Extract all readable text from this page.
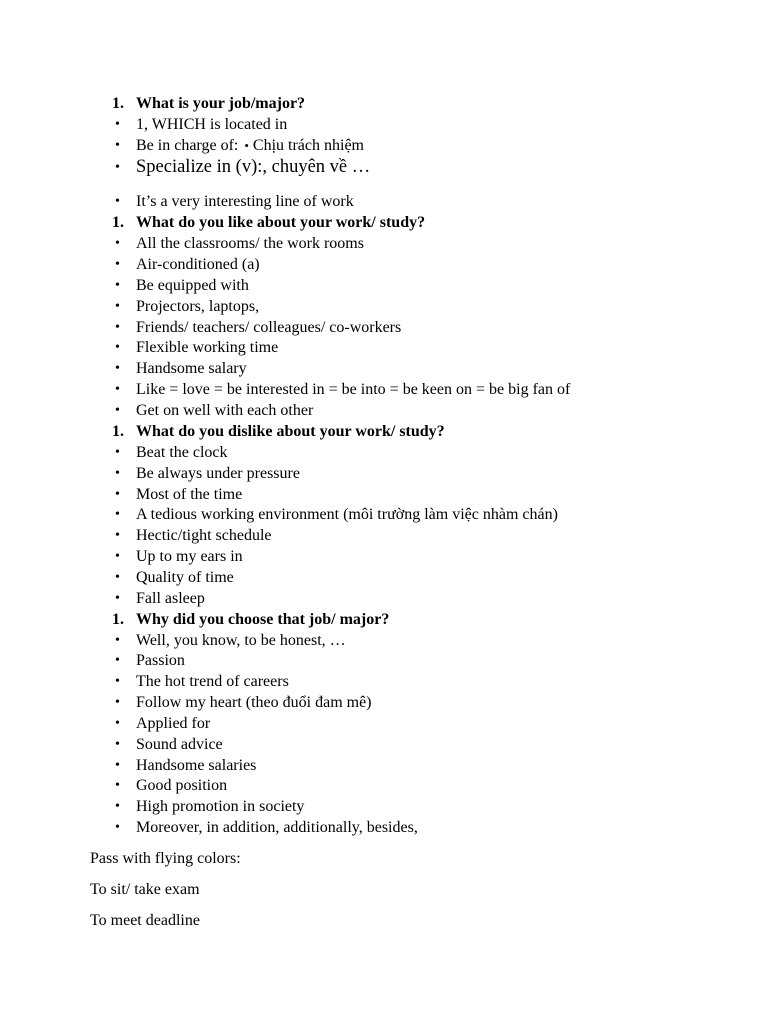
1. What is your job/major?
•	1, WHICH is located in
•	Be in charge of: • Chịu trách nhiệm
• Specialize in (v):, chuyên về …
•	It’s a very interesting line of work
1. What do you like about your work/ study?
•	All the classrooms/ the work rooms
•	Air-conditioned (a)
•	Be equipped with
•	Projectors, laptops,
•	Friends/ teachers/ colleagues/ co-workers
•	Flexible working time
•	Handsome salary
•	Like = love = be interested in = be into = be keen on = be big fan of
•	Get on well with each other
1. What do you dislike about your work/ study?
•	Beat the clock
•	Be always under pressure
•	Most of the time
•	A tedious working environment (môi trường làm việc nhàm chán)
•	Hectic/tight schedule
•	Up to my ears in
•	Quality of time
•	Fall asleep
1. Why did you choose that job/ major?
•	Well, you know, to be honest, …
•	Passion
•	The hot trend of careers
•	Follow my heart (theo đuổi đam mê)
•	Applied for
•	Sound advice
•	Handsome salaries
•	Good position
•	High promotion in society
•	Moreover, in addition, additionally, besides,
Pass with flying colors:
To sit/ take exam
To meet deadline
